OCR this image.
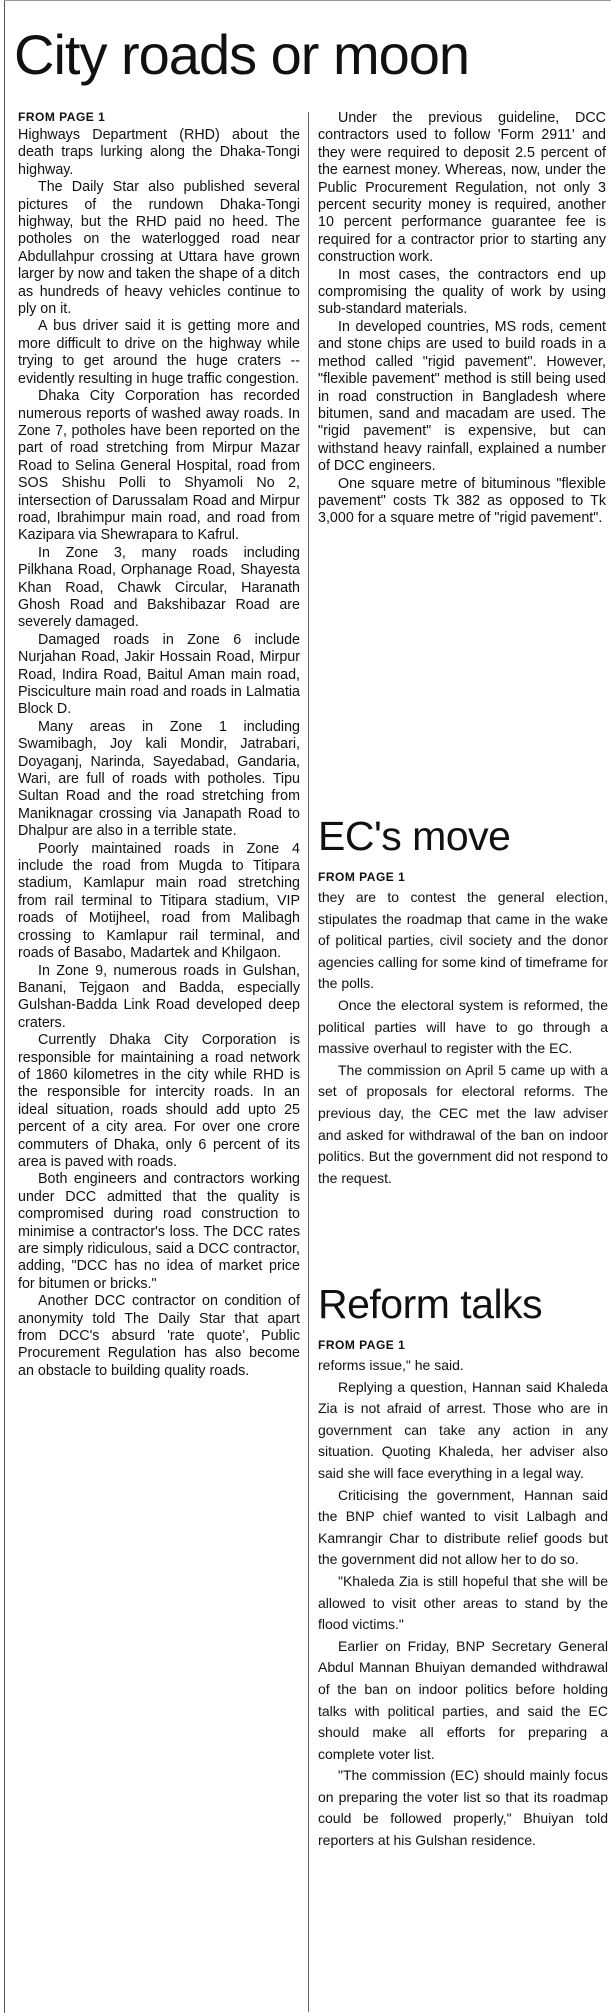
City roads or moon
FROM PAGE 1

Highways Department (RHD) about the death traps lurking along the Dhaka-Tongi highway.

The Daily Star also published several pictures of the rundown Dhaka-Tongi highway, but the RHD paid no heed. The potholes on the waterlogged road near Abdullahpur crossing at Uttara have grown larger by now and taken the shape of a ditch as hundreds of heavy vehicles continue to ply on it.

A bus driver said it is getting more and more difficult to drive on the highway while trying to get around the huge craters -- evidently resulting in huge traffic congestion.

Dhaka City Corporation has recorded numerous reports of washed away roads. In Zone 7, potholes have been reported on the part of road stretching from Mirpur Mazar Road to Selina General Hospital, road from SOS Shishu Polli to Shyamoli No 2, intersection of Darussalam Road and Mirpur road, Ibrahimpur main road, and road from Kazipara via Shewrapara to Kafrul.

In Zone 3, many roads including Pilkhana Road, Orphanage Road, Shayesta Khan Road, Chawk Circular, Haranath Ghosh Road and Bakshibazar Road are severely damaged.

Damaged roads in Zone 6 include Nurjahan Road, Jakir Hossain Road, Mirpur Road, Indira Road, Baitul Aman main road, Pisciculture main road and roads in Lalmatia Block D.

Many areas in Zone 1 including Swamibagh, Joy kali Mondir, Jatrabari, Doyaganj, Narinda, Sayedabad, Gandaria, Wari, are full of roads with potholes. Tipu Sultan Road and the road stretching from Maniknagar crossing via Janapath Road to Dhalpur are also in a terrible state.

Poorly maintained roads in Zone 4 include the road from Mugda to Titipara stadium, Kamlapur main road stretching from rail terminal to Titipara stadium, VIP roads of Motijheel, road from Malibagh crossing to Kamlapur rail terminal, and roads of Basabo, Madartek and Khilgaon.

In Zone 9, numerous roads in Gulshan, Banani, Tejgaon and Badda, especially Gulshan-Badda Link Road developed deep craters.

Currently Dhaka City Corporation is responsible for maintaining a road network of 1860 kilometres in the city while RHD is the responsible for intercity roads. In an ideal situation, roads should add upto 25 percent of a city area. For over one crore commuters of Dhaka, only 6 percent of its area is paved with roads.

Both engineers and contractors working under DCC admitted that the quality is compromised during road construction to minimise a contractor's loss. The DCC rates are simply ridiculous, said a DCC contractor, adding, "DCC has no idea of market price for bitumen or bricks."

Another DCC contractor on condition of anonymity told The Daily Star that apart from DCC's absurd 'rate quote', Public Procurement Regulation has also become an obstacle to building quality roads.

Under the previous guideline, DCC contractors used to follow 'Form 2911' and they were required to deposit 2.5 percent of the earnest money. Whereas, now, under the Public Procurement Regulation, not only 3 percent security money is required, another 10 percent performance guarantee fee is required for a contractor prior to starting any construction work.

In most cases, the contractors end up compromising the quality of work by using sub-standard materials.

In developed countries, MS rods, cement and stone chips are used to build roads in a method called "rigid pavement". However, "flexible pavement" method is still being used in road construction in Bangladesh where bitumen, sand and macadam are used. The "rigid pavement" is expensive, but can withstand heavy rainfall, explained a number of DCC engineers.

One square metre of bituminous "flexible pavement" costs Tk 382 as opposed to Tk 3,000 for a square metre of "rigid pavement".

EC's move
FROM PAGE 1

they are to contest the general election, stipulates the roadmap that came in the wake of political parties, civil society and the donor agencies calling for some kind of timeframe for the polls.

Once the electoral system is reformed, the political parties will have to go through a massive overhaul to register with the EC.

The commission on April 5 came up with a set of proposals for electoral reforms. The previous day, the CEC met the law adviser and asked for withdrawal of the ban on indoor politics. But the government did not respond to the request.

Reform talks
FROM PAGE 1

reforms issue," he said.

Replying a question, Hannan said Khaleda Zia is not afraid of arrest. Those who are in government can take any action in any situation. Quoting Khaleda, her adviser also said she will face everything in a legal way.

Criticising the government, Hannan said the BNP chief wanted to visit Lalbagh and Kamrangir Char to distribute relief goods but the government did not allow her to do so.

"Khaleda Zia is still hopeful that she will be allowed to visit other areas to stand by the flood victims."

Earlier on Friday, BNP Secretary General Abdul Mannan Bhuiyan demanded withdrawal of the ban on indoor politics before holding talks with political parties, and said the EC should make all efforts for preparing a complete voter list.

"The commission (EC) should mainly focus on preparing the voter list so that its roadmap could be followed properly," Bhuiyan told reporters at his Gulshan residence.
